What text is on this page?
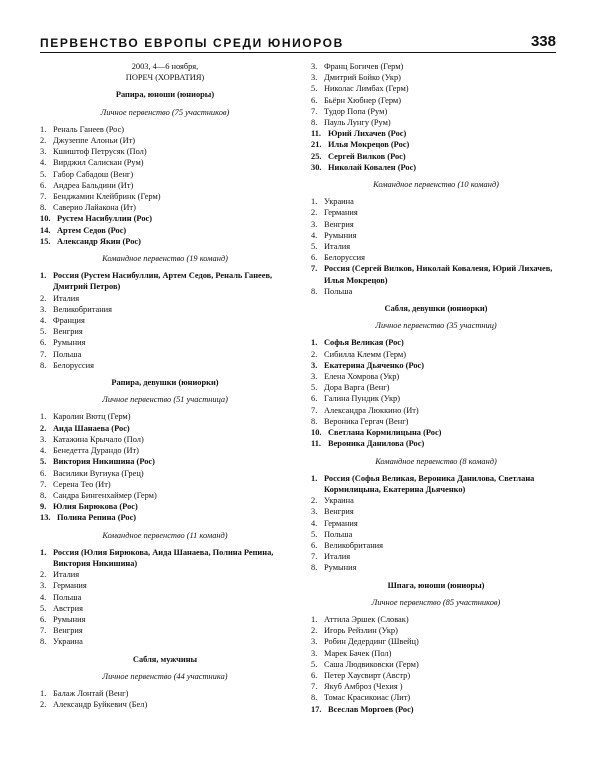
ПЕРВЕНСТВО ЕВРОПЫ СРЕДИ ЮНИОРОВ	338
2003, 4—6 ноября,
ПОРЕЧ (ХОРВАТИЯ)
Рапира, юноши (юниоры)
Личное первенство (75 участников)
1. Реналь Ганеев (Рос)
2. Джузеппе Алоньи (Ит)
3. Кшиштоф Петрусяк (Пол)
4. Вирджил Салискан (Рум)
5. Габор Сабадош (Венг)
6. Андреа Бальдини (Ит)
7. Бенджамин Клейбринк (Герм)
8. Саверио Лайакона (Ит)
10. Рустем Насибуллин (Рос)
14. Артем Седов (Рос)
15. Александр Якин (Рос)
Командное первенство (19 команд)
1. Россия (Рустем Насибуллин, Артем Седов, Реналь Ганеев, Дмитрий Петров)
2. Италия
3. Великобритания
4. Франция
5. Венгрия
6. Румыния
7. Польша
8. Белоруссия
Рапира, девушки (юниорки)
Личное первенство (51 участница)
1. Каролин Вютц (Герм)
2. Аида Шанаева (Рос)
3. Катажина Крычало (Пол)
4. Бенедетта Дурандо (Ит)
5. Виктория Никишина (Рос)
6. Василики Вугиука (Грец)
7. Серена Тео (Ит)
8. Сандра Бингенхаймер (Герм)
9. Юлия Бирюкова (Рос)
13. Полина Репина (Рос)
Командное первенство (11 команд)
1. Россия (Юлия Бирюкова, Аида Шанаева, Полина Репина, Виктория Никишина)
2. Италия
3. Германия
4. Польша
5. Австрия
6. Румыния
7. Венгрия
8. Украина
Сабля, мужчины
Личное первенство (44 участника)
1. Балаж Лонтай (Венг)
2. Александр Буйкевич (Бел)
3. Франц Богичев (Герм)
3. Дмитрий Бойко (Укр)
5. Николас Лимбах (Герм)
6. Бьёрн Хюбнер (Герм)
7. Тудор Попа (Рум)
8. Пауль Лунгу (Рум)
11. Юрий Лихачев (Рос)
21. Илья Мокрецов (Рос)
25. Сергей Вилков (Рос)
30. Николай Ковален (Рос)
Командное первенство (10 команд)
1. Украина
2. Германия
3. Венгрия
4. Румыния
5. Италия
6. Белоруссия
7. Россия (Сергей Вилков, Николай Коваленя, Юрий Лихачев, Илья Мокрецов)
8. Польша
Сабля, девушки (юниорки)
Личное первенство (35 участниц)
1. Софья Великая (Рос)
2. Сибилла Клемм (Герм)
3. Екатерина Дьяченко (Рос)
3. Елена Хомрова (Укр)
5. Дора Варга (Венг)
6. Галина Пундик (Укр)
7. Александра Люккино (Ит)
8. Вероника Гергач (Венг)
10. Светлана Кормилицына (Рос)
11. Вероника Данилова (Рос)
Командное первенство (8 команд)
1. Россия (Софья Великая, Вероника Данилова, Светлана Кормилицына, Екатерина Дьяченко)
2. Украина
3. Венгрия
4. Германия
5. Польша
6. Великобритания
7. Италия
8. Румыния
Шпага, юноши (юниоры)
Личное первенство (85 участников)
1. Аттила Эршек (Словак)
2. Игорь Рейзлин (Укр)
3. Робин Дедердинг (Швейц)
3. Марек Бачек (Пол)
5. Саша Людвиковски (Герм)
6. Петер Хаусвирт (Австр)
7. Якуб Амброз (Чехия )
8. Томас Красикоиас (Лит)
17. Всеслав Моргоев (Рос)
